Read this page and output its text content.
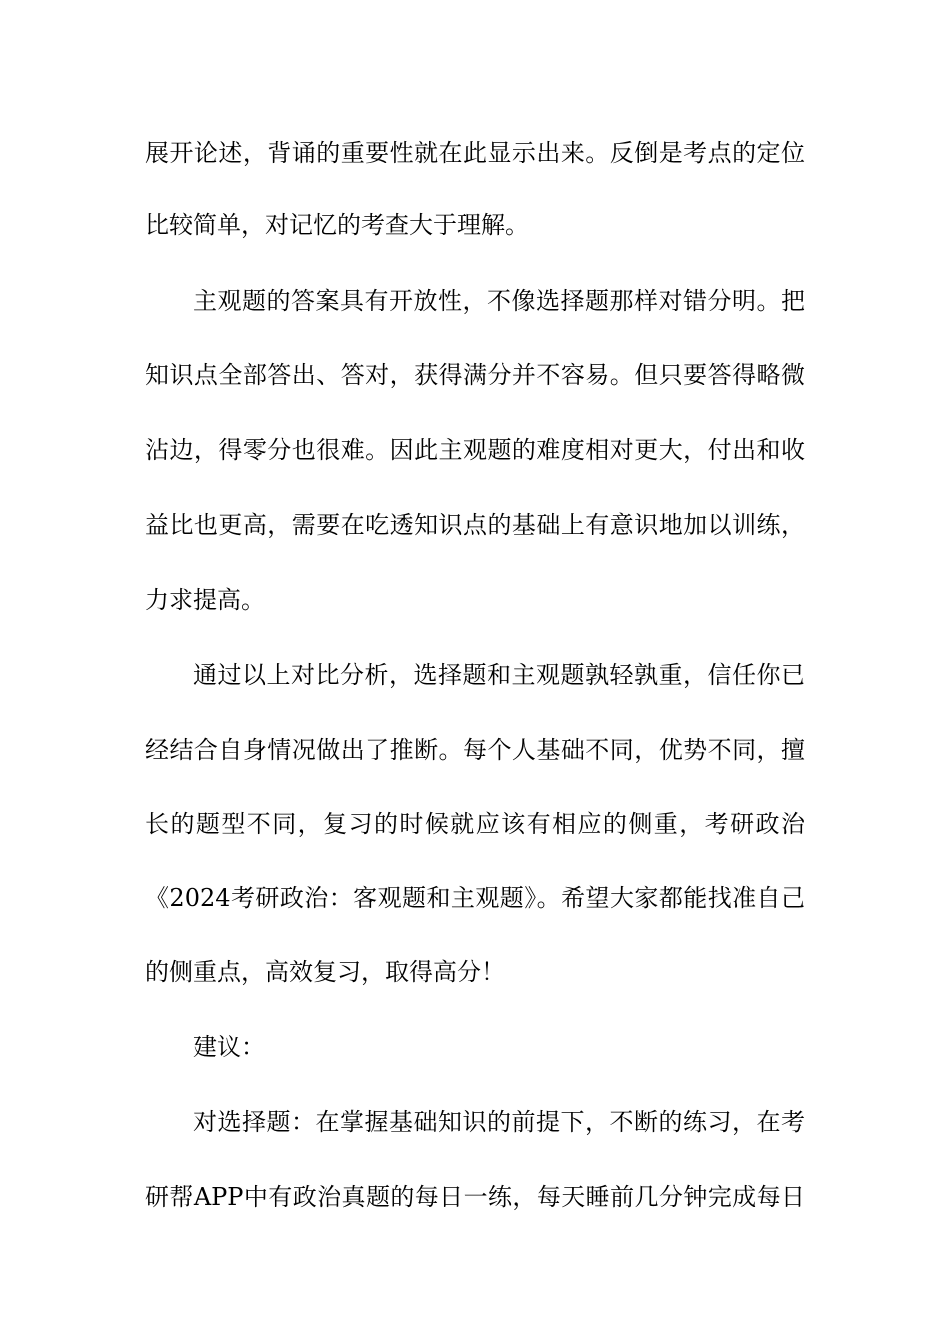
展开论述，背诵的重要性就在此显示出来。反倒是考点的定位
比较简单，对记忆的考查大于理解。
主观题的答案具有开放性，不像选择题那样对错分明。把
知识点全部答出、答对，获得满分并不容易。但只要答得略微
沾边，得零分也很难。因此主观题的难度相对更大，付出和收
益比也更高，需要在吃透知识点的基础上有意识地加以训练，
力求提高。
通过以上对比分析，选择题和主观题孰轻孰重，信任你已
经结合自身情况做出了推断。每个人基础不同，优势不同，擅
长的题型不同，复习的时候就应该有相应的侧重，考研政治
《2024考研政治：客观题和主观题》。希望大家都能找准自己
的侧重点，高效复习，取得高分！
建议：
对选择题：在掌握基础知识的前提下，不断的练习，在考
研帮APP中有政治真题的每日一练，每天睡前几分钟完成每日
